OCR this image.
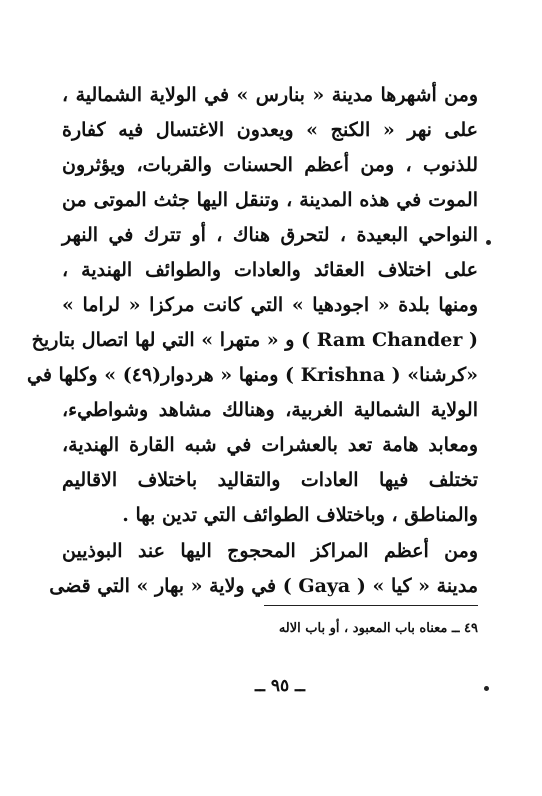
ومن أشهرها مدينة « بنارس » في الولاية الشمالية ،
على نهر « الكنج » ويعدون الاغتسال فيه كفارة
للذنوب ، ومن أعظم الحسنات والقربات، ويؤثرون
الموت في هذه المدينة ، وتنقل اليها جثث الموتى من
النواحي البعيدة ، لتحرق هناك ، أو تترك في النهر
على اختلاف العقائد والعادات والطوائف الهندية ،
ومنها بلدة « اجودهيا » التي كانت مركزا « لراما »
( Ram Chander ) و « متهرا » التي لها اتصال بتاريخ
«كرشنا» ( Krishna ) ومنها « هردوار(٤٩) » وكلها في
الولاية الشمالية الغربية، وهنالك مشاهد وشواطيء،
ومعابد هامة تعد بالعشرات في شبه القارة الهندية،
تختلف فيها العادات والتقاليد باختلاف الاقاليم
والمناطق ، وباختلاف الطوائف التي تدين بها .
ومن أعظم المراكز المحجوج اليها عند البوذيين
مدينة « كيا » ( Gaya ) في ولاية « بهار » التي قضى
٤٩ ــ معناه باب المعبود ، أو باب الاله
ــ ٩٥ ــ
